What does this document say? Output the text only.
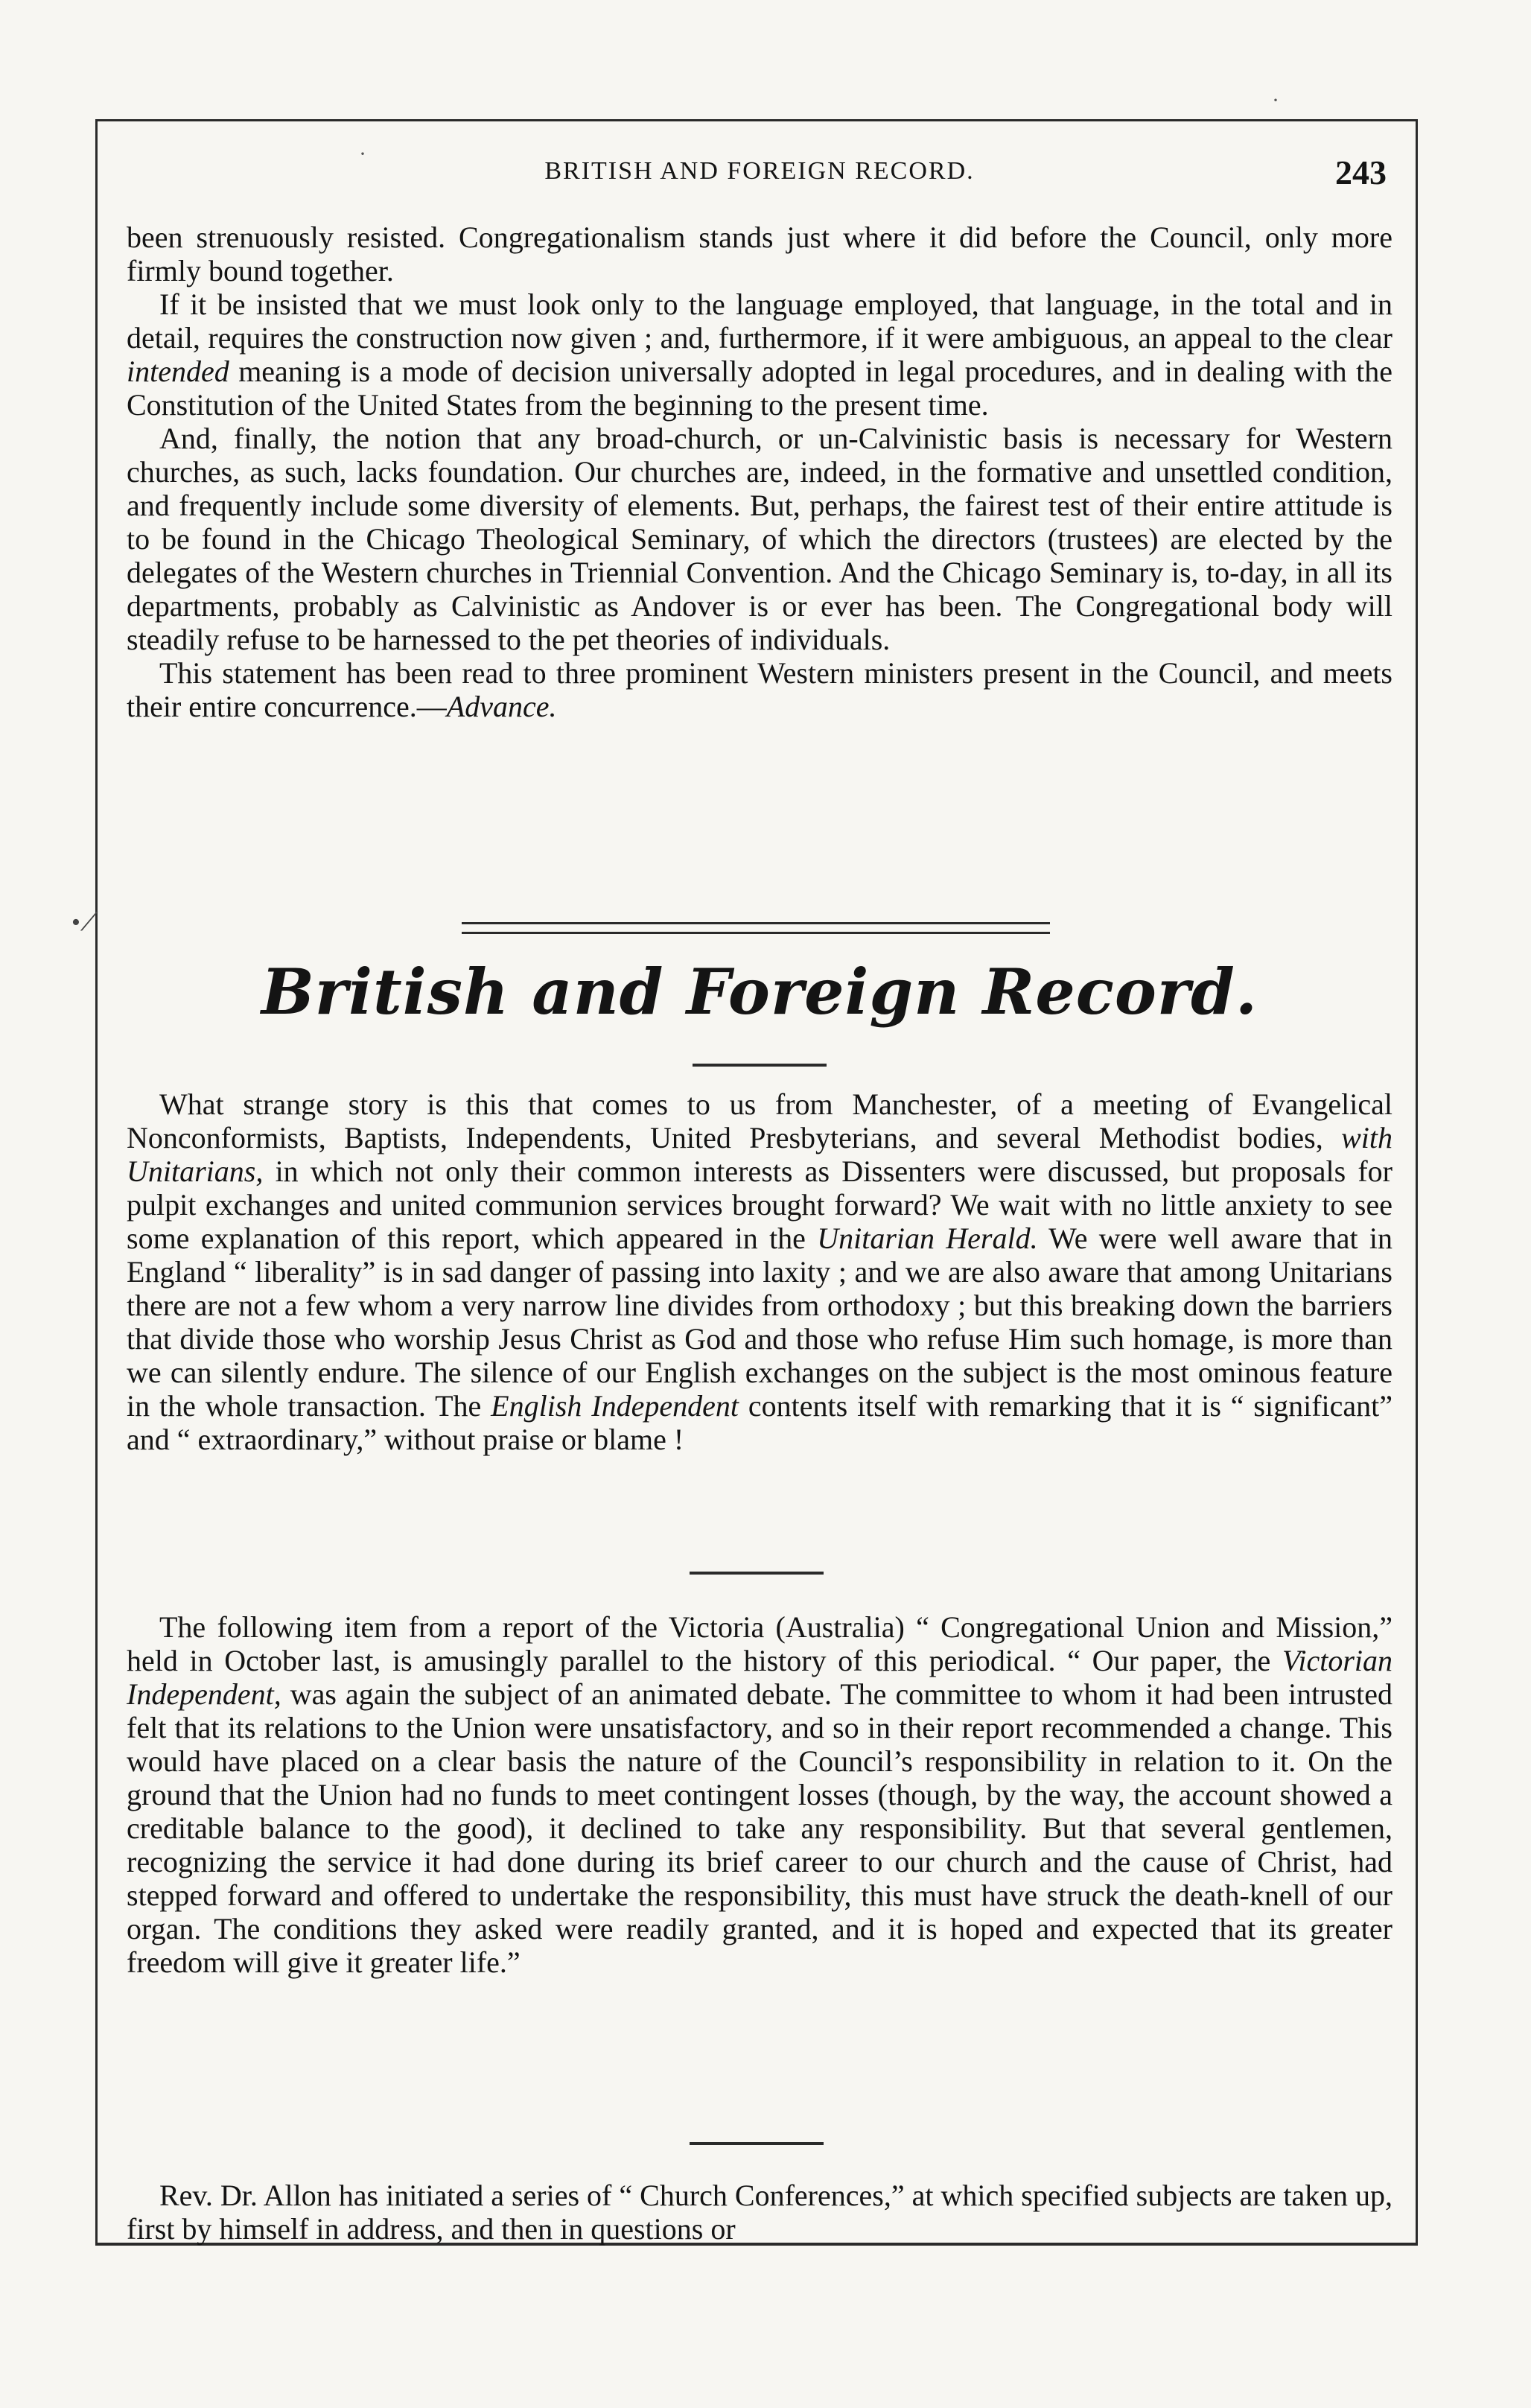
·
·
BRITISH AND FOREIGN RECORD.	243

been strenuously resisted. Congregationalism stands just where it did before the Council, only more firmly bound together.

If it be insisted that we must look only to the language employed, that language, in the total and in detail, requires the construction now given ; and, furthermore, if it were ambiguous, an appeal to the clear intended meaning is a mode of decision universally adopted in legal procedures, and in dealing with the Constitution of the United States from the beginning to the present time.

And, finally, the notion that any broad-church, or un-Calvinistic basis is necessary for Western churches, as such, lacks foundation. Our churches are, indeed, in the formative and unsettled condition, and frequently include some diversity of elements. But, perhaps, the fairest test of their entire attitude is to be found in the Chicago Theological Seminary, of which the directors (trustees) are elected by the delegates of the Western churches in Triennial Convention. And the Chicago Seminary is, to-day, in all its departments, probably as Calvinistic as Andover is or ever has been. The Congregational body will steadily refuse to be harnessed to the pet theories of individuals.

This statement has been read to three prominent Western ministers present in the Council, and meets their entire concurrence.—Advance.

•⟋
British and Foreign Record.

What strange story is this that comes to us from Manchester, of a meeting of Evangelical Nonconformists, Baptists, Independents, United Presbyterians, and several Methodist bodies, with Unitarians, in which not only their common interests as Dissenters were discussed, but proposals for pulpit exchanges and united communion services brought forward? We wait with no little anxiety to see some explanation of this report, which appeared in the Unitarian Herald. We were well aware that in England “ liberality” is in sad danger of passing into laxity ; and we are also aware that among Unitarians there are not a few whom a very narrow line divides from orthodoxy ; but this breaking down the barriers that divide those who worship Jesus Christ as God and those who refuse Him such homage, is more than we can silently endure. The silence of our English exchanges on the subject is the most ominous feature in the whole transaction. The English Independent contents itself with remarking that it is “ significant” and “ extraordinary,” without praise or blame !

The following item from a report of the Victoria (Australia) “ Congregational Union and Mission,” held in October last, is amusingly parallel to the history of this periodical. “ Our paper, the Victorian Independent, was again the subject of an animated debate. The committee to whom it had been intrusted felt that its relations to the Union were unsatisfactory, and so in their report recommended a change. This would have placed on a clear basis the nature of the Council’s responsibility in relation to it. On the ground that the Union had no funds to meet contingent losses (though, by the way, the account showed a creditable balance to the good), it declined to take any responsibility. But that several gentlemen, recognizing the service it had done during its brief career to our church and the cause of Christ, had stepped forward and offered to undertake the responsibility, this must have struck the death-knell of our organ. The conditions they asked were readily granted, and it is hoped and expected that its greater freedom will give it greater life.”

Rev. Dr. Allon has initiated a series of “ Church Conferences,” at which specified subjects are taken up, first by himself in address, and then in questions or
